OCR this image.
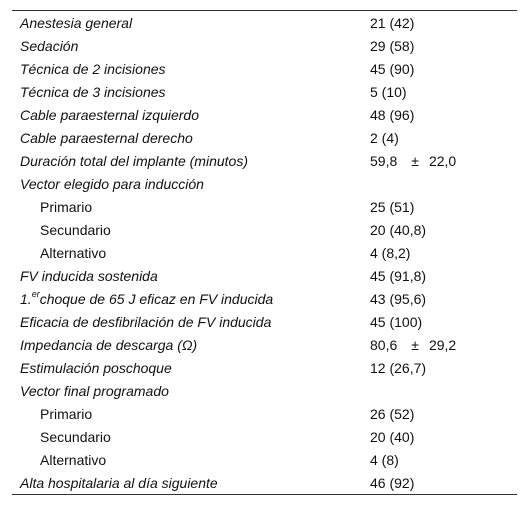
Anestesia general	21 (42)
Sedación	29 (58)
Técnica de 2 incisiones	45 (90)
Técnica de 3 incisiones	5 (10)
Cable paraesternal izquierdo	48 (96)
Cable paraesternal derecho	2 (4)
Duración total del implante (minutos)	59,8 ± 22,0
Vector elegido para inducción	
Primario	25 (51)
Secundario	20 (40,8)
Alternativo	4 (8,2)
FV inducida sostenida	45 (91,8)
1.$^{er}$choque de 65 J eficaz en FV inducida	43 (95,6)
Eficacia de desfibrilación de FV inducida	45 (100)
Impedancia de descarga (Ω)	80,6 ± 29,2
Estimulación poschoque	12 (26,7)
Vector final programado	
Primario	26 (52)
Secundario	20 (40)
Alternativo	4 (8)
Alta hospitalaria al día siguiente	46 (92)
